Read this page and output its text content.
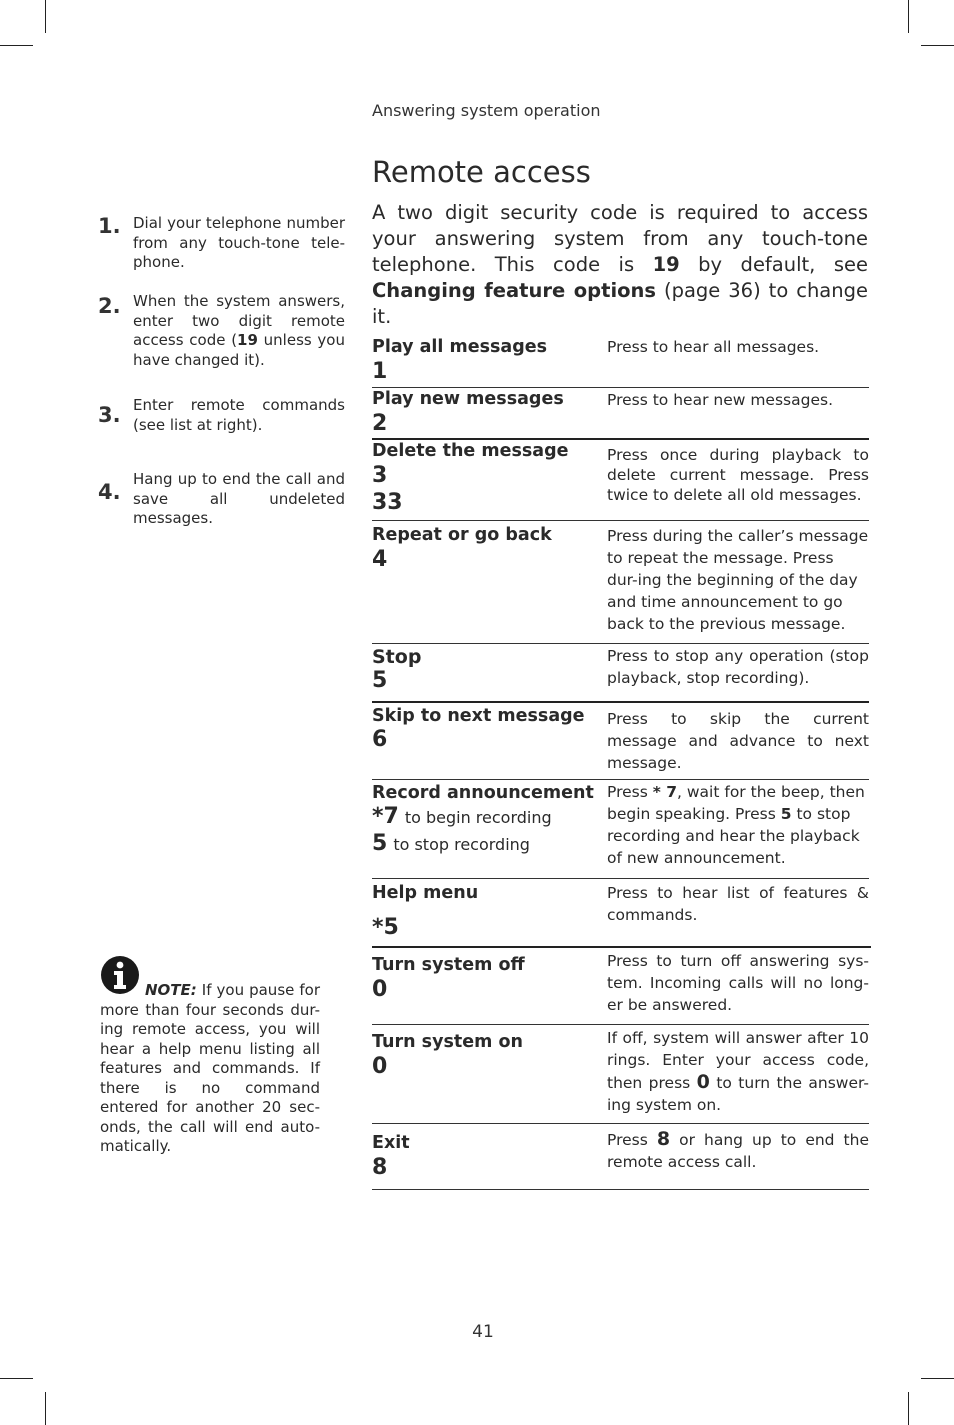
Answering system operation
Remote access

A two digit security code is required to access your answering system from any touch-tone telephone. This code is 19 by default, see Changing feature options (page 36) to change it.

1. Dial your telephone number from any touch-tone tele-phone.
2. When the system answers, enter two digit remote access code (19 unless you have changed it).
3. Enter remote commands (see list at right).
4.
Hang up to end the call and save all undeleted messages.
NOTE: If you pause for more than four seconds dur-ing remote access, you will hear a help menu listing all features and commands. If there is no command entered for another 20 sec-onds, the call will end auto-matically.
Play all messages
1
Press to hear all messages.
Play new messages
2
Press to hear new messages.
Delete the message
3
33
Press once during playback to delete current message. Press twice to delete all old messages.
Repeat or go back
4
Press during the caller’s message to repeat the message. Press dur-ing the beginning of the day and time announcement to go back to the previous message.
Stop
5
Press to stop any operation (stop playback, stop recording).
Skip to next message
6
Press to skip the current message and advance to next message.
Record announcement
*7 to begin recording
5 to stop recording
Press * 7, wait for the beep, then begin speaking. Press 5 to stop recording and hear the playback of new announcement.
Help menu
*5
Press to hear list of features & commands.
Turn system off
0
Press to turn off answering sys-tem. Incoming calls will no long-er be answered.
Turn system on
0
If off, system will answer after 10 rings. Enter your access code, then press 0 to turn the answer-ing system on.
Exit
8
Press 8 or hang up to end the remote access call.
41
